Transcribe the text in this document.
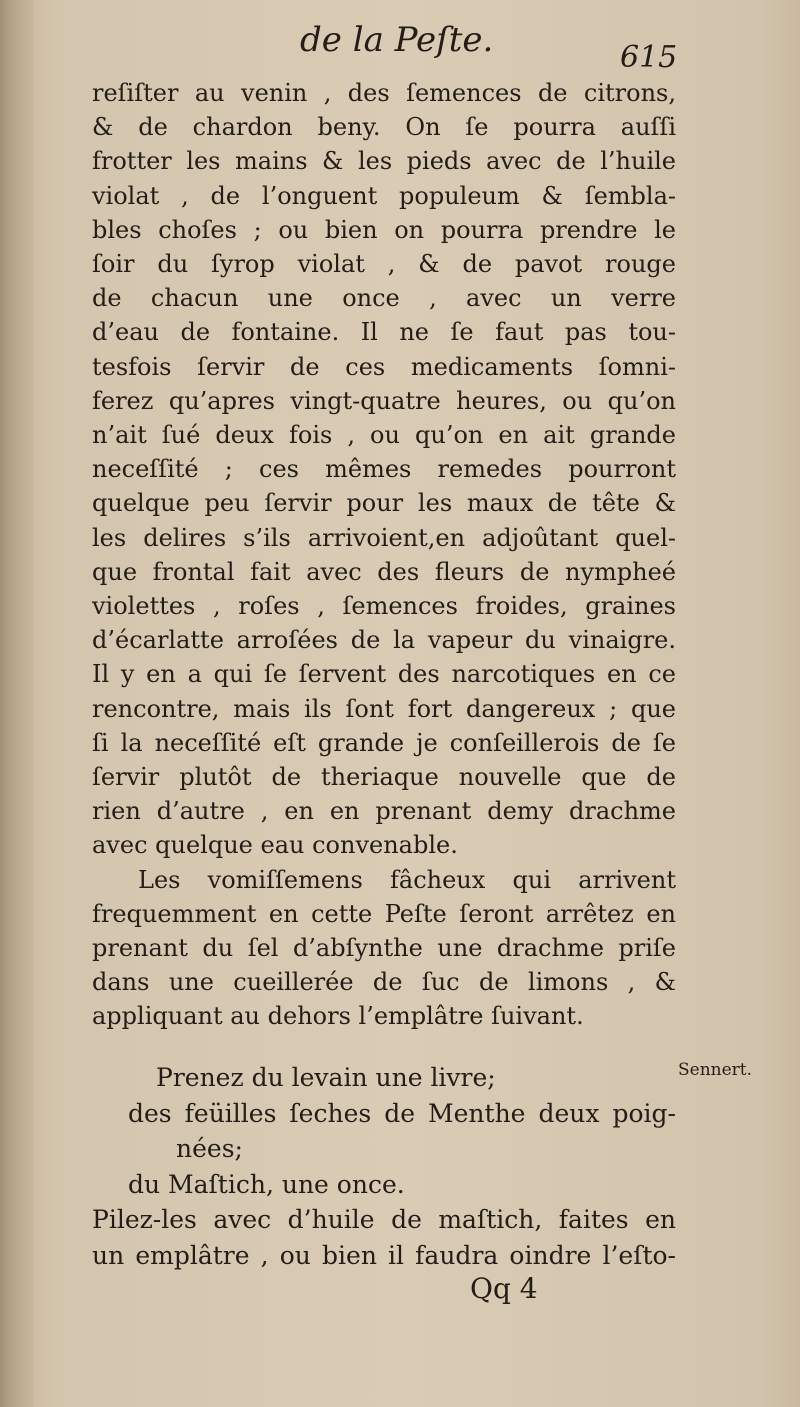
de la Peſte.	615
reſiſter au venin , des ſemences de citrons,
& de chardon beny. On ſe pourra auſſi
frotter les mains & les pieds avec de l’huile
violat , de l’onguent populeum & ſembla-
bles choſes ; ou bien on pourra prendre le
ſoir du ſyrop violat , & de pavot rouge
de chacun une once , avec un verre
d’eau de fontaine. Il ne ſe faut pas tou-
tesfois ſervir de ces medicaments ſomni-
ferez qu’apres vingt-quatre heures, ou qu’on
n’ait ſué deux fois , ou qu’on en ait grande
neceſſité ; ces mêmes remedes pourront
quelque peu ſervir pour les maux de tête &
les delires s’ils arrivoient,en adjoûtant quel-
que frontal fait avec des fleurs de nympheé
violettes , roſes , ſemences froides, graines
d’écarlatte arroſées de la vapeur du vinaigre.
Il y en a qui ſe ſervent des narcotiques en ce
rencontre, mais ils ſont fort dangereux ; que
ſi la neceſſité eſt grande je conſeillerois de ſe
ſervir plutôt de theriaque nouvelle que de
rien d’autre , en en prenant demy drachme
avec quelque eau convenable.
Les vomiſſemens fâcheux qui arrivent
frequemment en cette Peſte ſeront arrêtez en
prenant du ſel d’abſynthe une drachme priſe
dans une cueillerée de ſuc de limons , &
appliquant au dehors l’emplâtre ſuivant.
Prenez du levain une livre;
des feüilles ſeches de Menthe deux poig-
nées;
du Maſtich, une once.
Pilez-les avec d’huile de maſtich, faites en
un emplâtre , ou bien il faudra oindre l’eſto-
Sennert.
Qq 4
